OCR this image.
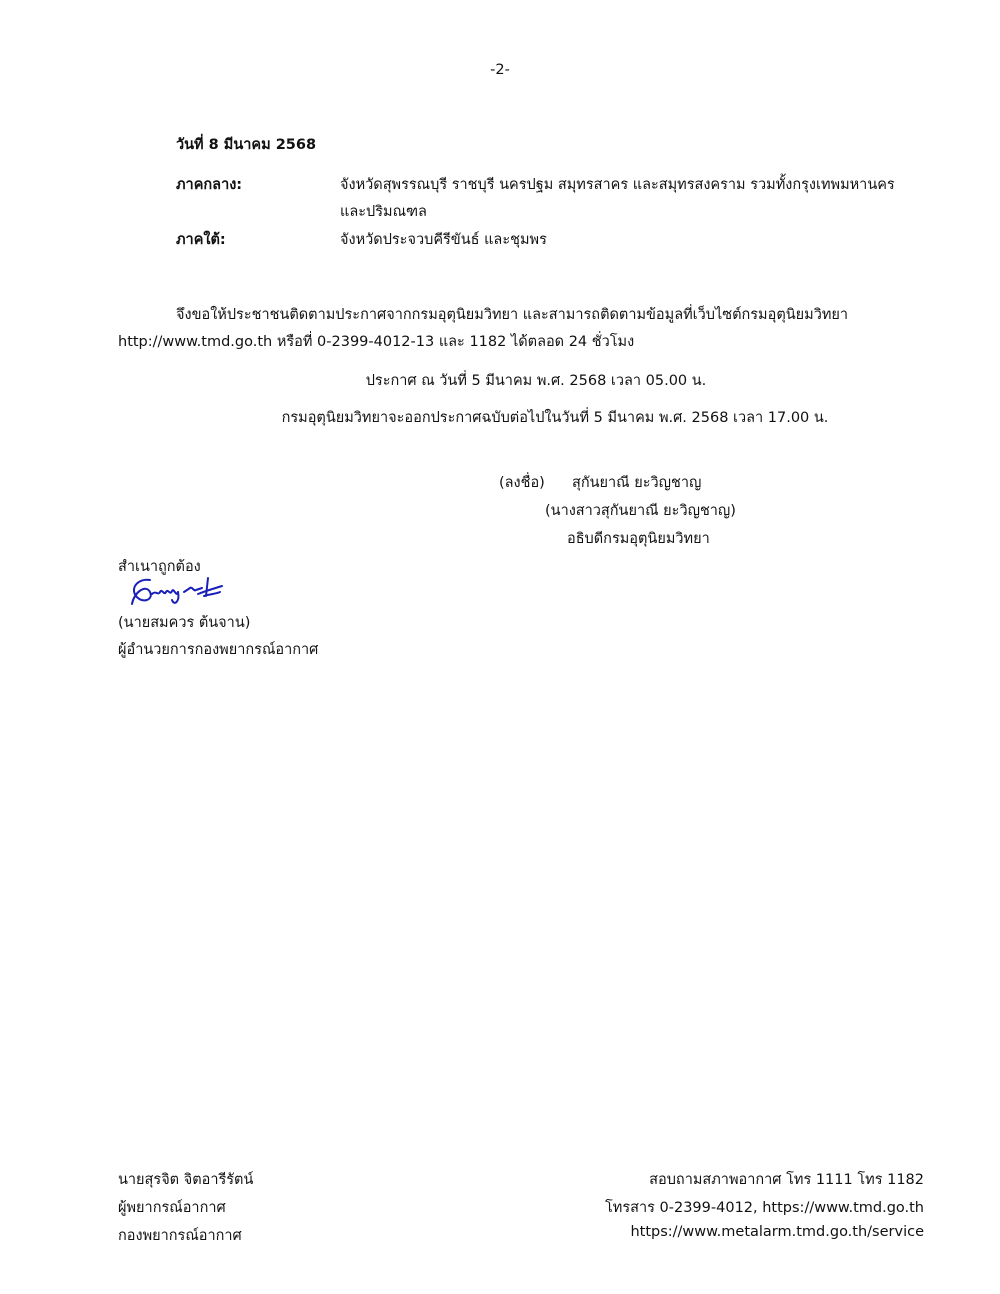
-2-
วันที่ 8 มีนาคม 2568
ภาคกลาง:	จังหวัดสุพรรณบุรี ราชบุรี นครปฐม สมุทรสาคร และสมุทรสงคราม รวมทั้งกรุงเทพมหานคร
และปริมณฑล
ภาคใต้:	จังหวัดประจวบคีรีขันธ์ และชุมพร
จึงขอให้ประชาชนติดตามประกาศจากกรมอุตุนิยมวิทยา และสามารถติดตามข้อมูลที่เว็บไซต์กรมอุตุนิยมวิทยา
http://www.tmd.go.th หรือที่ 0-2399-4012-13 และ 1182 ได้ตลอด 24 ชั่วโมง
ประกาศ ณ วันที่ 5 มีนาคม พ.ศ. 2568 เวลา 05.00 น.
กรมอุตุนิยมวิทยาจะออกประกาศฉบับต่อไปในวันที่ 5 มีนาคม พ.ศ. 2568 เวลา 17.00 น.
(ลงชื่อ) สุกันยาณี ยะวิญชาญ
(นางสาวสุกันยาณี ยะวิญชาญ)
อธิบดีกรมอุตุนิยมวิทยา
สำเนาถูกต้อง
(นายสมควร ต้นจาน)
ผู้อำนวยการกองพยากรณ์อากาศ
นายสุรจิต จิตอารีรัตน์
ผู้พยากรณ์อากาศ
กองพยากรณ์อากาศ
สอบถามสภาพอากาศ โทร 1111 โทร 1182
โทรสาร 0-2399-4012, https://www.tmd.go.th
https://www.metalarm.tmd.go.th/service
